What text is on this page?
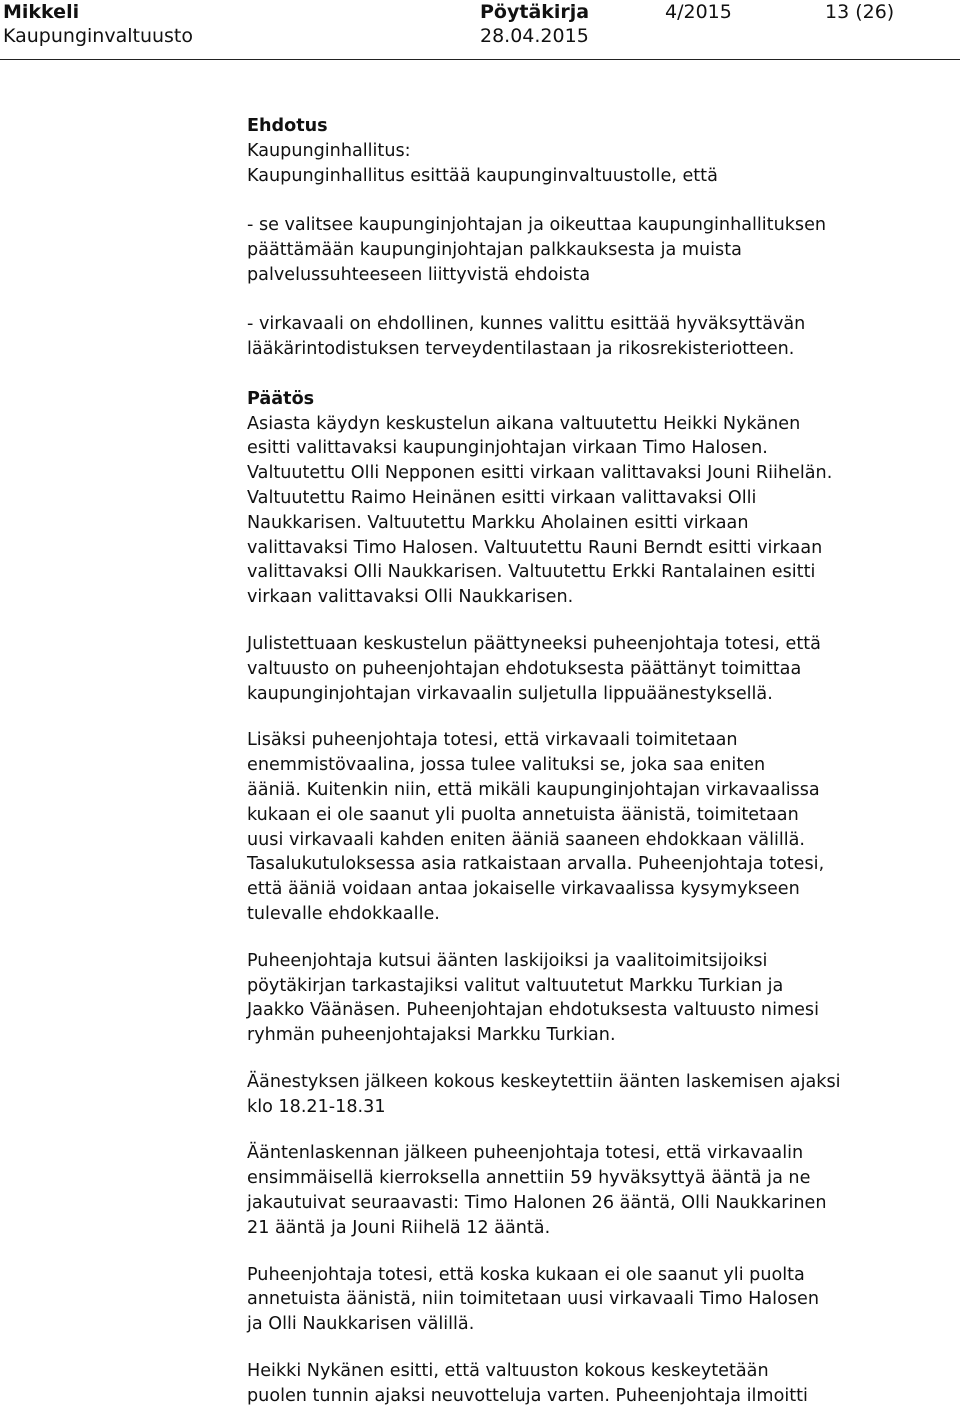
Mikkeli
Kaupunginvaltuusto
Pöytäkirja
28.04.2015
4/2015	13 (26)

Ehdotus

Kaupunginhallitus:

Kaupunginhallitus esittää kaupunginvaltuustolle, että

- se valitsee kaupunginjohtajan ja oikeuttaa kaupunginhallituksen
päättämään kaupunginjohtajan palkkauksesta ja muista
palvelussuhteeseen liittyvistä ehdoista

- virkavaali on ehdollinen, kunnes valittu esittää hyväksyttävän
lääkärintodistuksen terveydentilastaan ja rikosrekisteriotteen.

Päätös

Asiasta käydyn keskustelun aikana valtuutettu Heikki Nykänen
esitti valittavaksi kaupunginjohtajan virkaan Timo Halosen.
Valtuutettu Olli Nepponen esitti virkaan valittavaksi Jouni Riihelän.
Valtuutettu Raimo Heinänen esitti virkaan valittavaksi Olli
Naukkarisen. Valtuutettu Markku Aholainen esitti virkaan
valittavaksi Timo Halosen. Valtuutettu Rauni Berndt esitti virkaan
valittavaksi Olli Naukkarisen. Valtuutettu Erkki Rantalainen esitti
virkaan valittavaksi Olli Naukkarisen.

Julistettuaan keskustelun päättyneeksi puheenjohtaja totesi, että
valtuusto on puheenjohtajan ehdotuksesta päättänyt toimittaa
kaupunginjohtajan virkavaalin suljetulla lippuäänestyksellä.

Lisäksi puheenjohtaja totesi, että virkavaali toimitetaan
enemmistövaalina, jossa tulee valituksi se, joka saa eniten
ääniä. Kuitenkin niin, että mikäli kaupunginjohtajan virkavaalissa
kukaan ei ole saanut yli puolta annetuista äänistä, toimitetaan
uusi virkavaali kahden eniten ääniä saaneen ehdokkaan välillä.
Tasalukutuloksessa asia ratkaistaan arvalla. Puheenjohtaja totesi,
että ääniä voidaan antaa jokaiselle virkavaalissa kysymykseen
tulevalle ehdokkaalle.

Puheenjohtaja kutsui äänten laskijoiksi ja vaalitoimitsijoiksi
pöytäkirjan tarkastajiksi valitut valtuutetut Markku Turkian ja
Jaakko Väänäsen. Puheenjohtajan ehdotuksesta valtuusto nimesi
ryhmän puheenjohtajaksi Markku Turkian.

Äänestyksen jälkeen kokous keskeytettiin äänten laskemisen ajaksi
klo 18.21-18.31

Ääntenlaskennan jälkeen puheenjohtaja totesi, että virkavaalin
ensimmäisellä kierroksella annettiin 59 hyväksyttyä ääntä ja ne
jakautuivat seuraavasti: Timo Halonen 26 ääntä, Olli Naukkarinen
21 ääntä ja Jouni Riihelä 12 ääntä.

Puheenjohtaja totesi, että koska kukaan ei ole saanut yli puolta
annetuista äänistä, niin toimitetaan uusi virkavaali Timo Halosen
ja Olli Naukkarisen välillä.

Heikki Nykänen esitti, että valtuuston kokous keskeytetään
puolen tunnin ajaksi neuvotteluja varten. Puheenjohtaja ilmoitti
